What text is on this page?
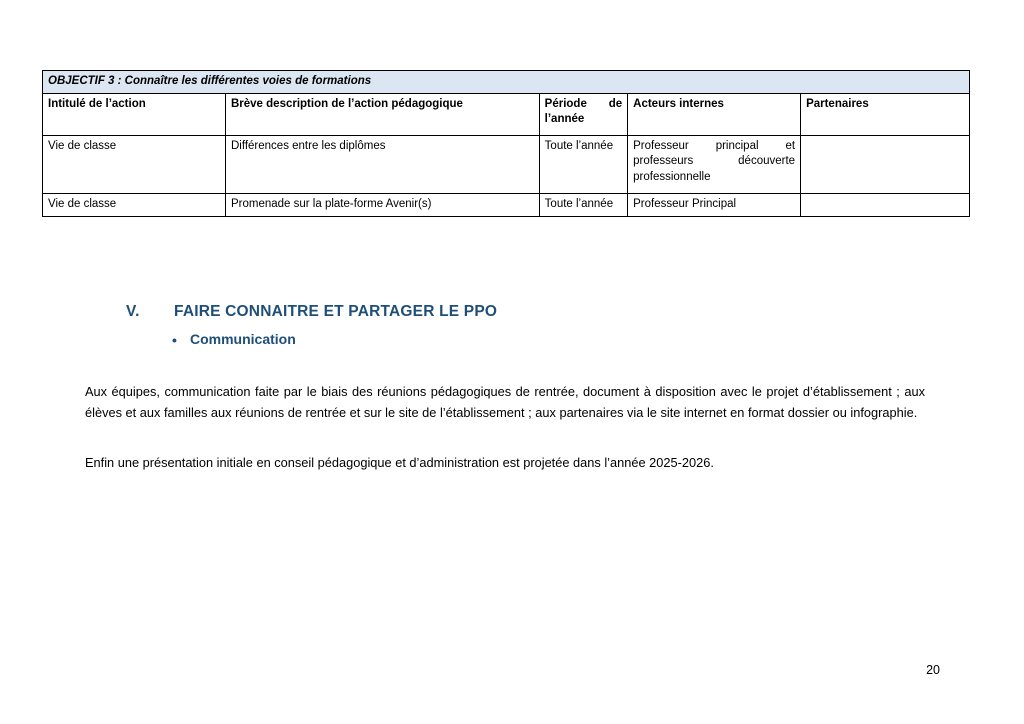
OBJECTIF 3 : Connaître les différentes voies de formations				
Intitulé de l’action	Brève description de l’action pédagogique	Période de l’année	Acteurs internes	Partenaires
Vie de classe	Différences entre les diplômes	Toute l’année	Professeur principal et professeurs découverte professionnelle	
Vie de classe	Promenade sur la plate-forme Avenir(s)	Toute l’année	Professeur Principal	
V. FAIRE CONNAITRE ET PARTAGER LE PPO
• Communication

Aux équipes, communication faite par le biais des réunions pédagogiques de rentrée, document à disposition avec le projet d’établissement ; aux élèves et aux familles aux réunions de rentrée et sur le site de l’établissement ; aux partenaires via le site internet en format dossier ou infographie.

Enfin une présentation initiale en conseil pédagogique et d’administration est projetée dans l’année 2025-2026.

20
